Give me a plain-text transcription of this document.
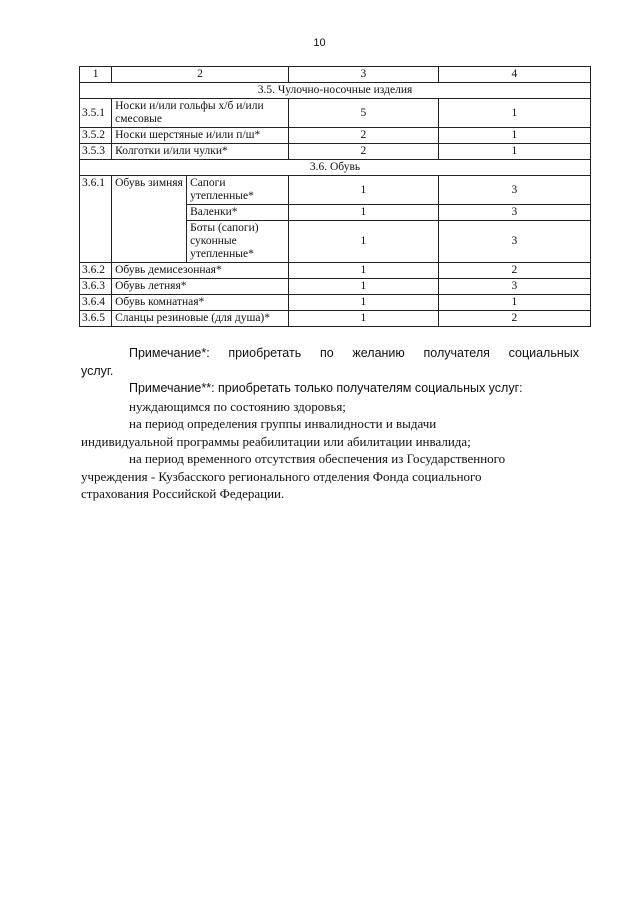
10
1	2		3	4
3.5. Чулочно-носочные изделия				
3.5.1	Носки и/или гольфы х/б и/или смесовые		5	1
3.5.2	Носки шерстяные и/или п/ш*		2	1
3.5.3	Колготки и/или чулки*		2	1
3.6. Обувь				
3.6.1	Обувь зимняя	Сапоги утепленные*	1	3
		Валенки*	1	3
		Боты (сапоги) суконные утепленные*	1	3
3.6.2	Обувь демисезонная*		1	2
3.6.3	Обувь летняя*		1	3
3.6.4	Обувь комнатная*		1	1
3.6.5	Сланцы резиновые (для душа)*		1	2

Примечание*: приобретать по желанию получателя социальных

услуг.

Примечание**: приобретать только получателям социальных услуг:

нуждающимся по состоянию здоровья;

на период определения группы инвалидности и выдачи

индивидуальной программы реабилитации или абилитации инвалида;

на период временного отсутствия обеспечения из Государственного

учреждения - Кузбасского регионального отделения Фонда социального

страхования Российской Федерации.
